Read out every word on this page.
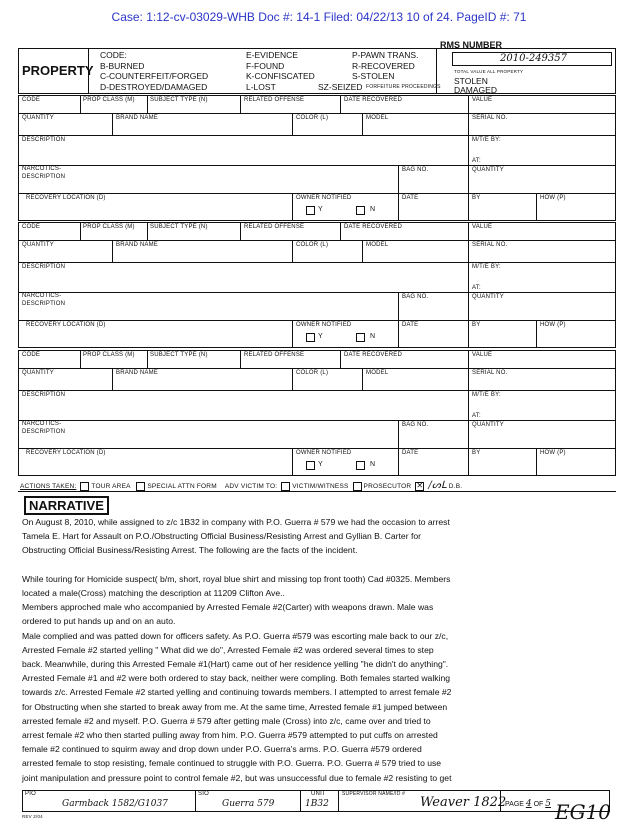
Case: 1:12-cv-03029-WHB Doc #: 14-1 Filed: 04/22/13 10 of 24. PageID #: 71
PROPERTY
CODE:
B-BURNED
C-COUNTERFEIT/FORGED
D-DESTROYED/DAMAGED
E-EVIDENCE
F-FOUND
K-CONFISCATED
L-LOST
P-PAWN TRANS.
R-RECOVERED
S-STOLEN
SZ-SEIZED FORFEITURE PROCEEDINGS
RMS NUMBER
2010-249357
TOTAL VALUE ALL PROPERTY
STOLEN
DAMAGED
CODE	PROP CLASS (M)	SUBJECT TYPE (N)	RELATED OFFENSE	DATE RECOVERED	VALUE
QUANTITY	BRAND NAME	COLOR (L)	MODEL	SERIAL NO.
DESCRIPTION	M/T/E BY:
AT:
NARCOTICS-
DESCRIPTION
BAG NO.	QUANTITY
RECOVERY LOCATION (D)	OWNER NOTIFIED	DATE	BY	HOW (P)
Y	N
CODE	PROP CLASS (M)	SUBJECT TYPE (N)	RELATED OFFENSE	DATE RECOVERED	VALUE
QUANTITY	BRAND NAME	COLOR (L)	MODEL	SERIAL NO.
DESCRIPTION	M/T/E BY:
AT:
NARCOTICS-
DESCRIPTION
BAG NO.	QUANTITY
RECOVERY LOCATION (D)	OWNER NOTIFIED	DATE	BY	HOW (P)
Y	N
CODE	PROP CLASS (M)	SUBJECT TYPE (N)	RELATED OFFENSE	DATE RECOVERED	VALUE
QUANTITY	BRAND NAME	COLOR (L)	MODEL	SERIAL NO.
DESCRIPTION	M/T/E BY:
AT:
NARCOTICS-
DESCRIPTION
BAG NO.	QUANTITY
RECOVERY LOCATION (D)	OWNER NOTIFIED	DATE	BY	HOW (P)
Y	N
ACTIONS TAKEN: TOUR AREA	SPECIAL ATTN FORM ADV VICTIM TO: VICTIM/WITNESS PROSECUTOR ✕ /ᔕᒪ D.B.
NARRATIVE
On August 8, 2010, while assigned to z/c 1B32 in company with P.O. Guerra # 579 we had the occasion to arrest
Tamela E. Hart for Assault on P.O./Obstructing Official Business/Resisting Arrest and Gyllian B. Carter for
Obstructing Official Business/Resisting Arrest. The following are the facts of the incident.
While touring for Homicide suspect( b/m, short, royal blue shirt and missing top front tooth) Cad #0325. Members
located a male(Cross) matching the description at 11209 Clifton Ave..
Members approched male who accompanied by Arrested Female #2(Carter) with weapons drawn. Male was
ordered to put hands up and on an auto.
Male complied and was patted down for officers safety. As P.O. Guerra #579 was escorting male back to our z/c,
Arrested Female #2 started yelling " What did we do", Arrested Female #2 was ordered several times to step
back. Meanwhile, during this Arrested Female #1(Hart) came out of her residence yelling "he didn't do anything".
Arrested Female #1 and #2 were both ordered to stay back, neither were compling. Both females started walking
towards z/c. Arrested Female #2 started yelling and continuing towards members. I attempted to arrest female #2
for Obstructing when she started to break away from me. At the same time, Arrested female #1 jumped between
arrested female #2 and myself. P.O. Guerra # 579 after getting male (Cross) into z/c, came over and tried to
arrest female #2 who then started pulling away from him. P.O. Guerra #579 attempted to put cuffs on arrested
female #2 continued to squirm away and drop down under P.O. Guerra's arms. P.O. Guerra #579 ordered
arrested female to stop resisting, female continued to struggle with P.O. Guerra. P.O. Guerra # 579 tried to use
joint manipulation and pressure point to control female #2, but was unsuccessful due to female #2 resisting to get
PIO
Garmback 1582/G1037
SIO
Guerra 579
UNIT
1B32
SUPERVISOR NAME/ID #
Weaver 1822
PAGE 4 OF 5
REV 2/04	EG10
